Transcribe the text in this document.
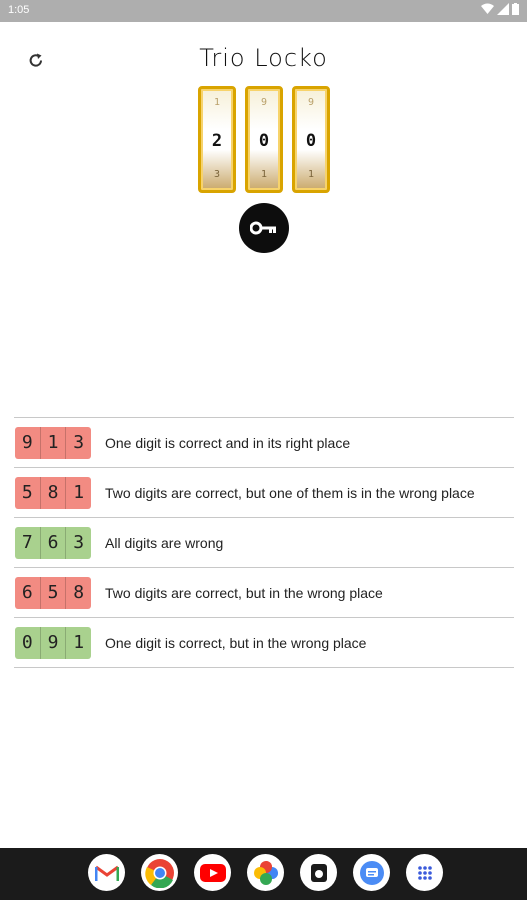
1:05
Trio Locko
1
2
3
9
0
1
9
0
1
9 1 3	One digit is correct and in its right place
5 8 1	Two digits are correct, but one of them is in the wrong place
7 6 3	All digits are wrong
6 5 8	Two digits are correct, but in the wrong place
0 9 1	One digit is correct, but in the wrong place
